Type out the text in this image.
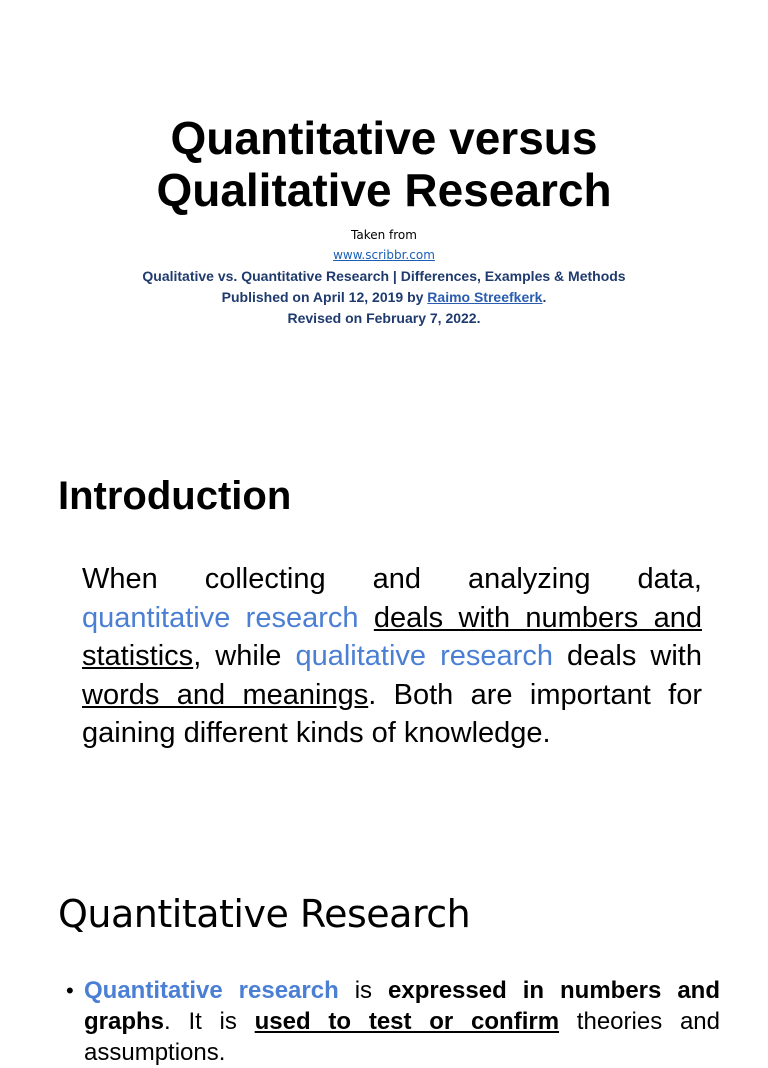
Quantitative versus
Qualitative Research
Taken from
www.scribbr.com
Qualitative vs. Quantitative Research | Differences, Examples & Methods
Published on April 12, 2019 by Raimo Streefkerk.
Revised on February 7, 2022.
Introduction

When collecting and analyzing data, quantitative research deals with numbers and statistics, while qualitative research deals with words and meanings. Both are important for gaining different kinds of knowledge.

Quantitative Research
• Quantitative research is expressed in numbers and graphs. It is used to test or confirm theories and assumptions.
